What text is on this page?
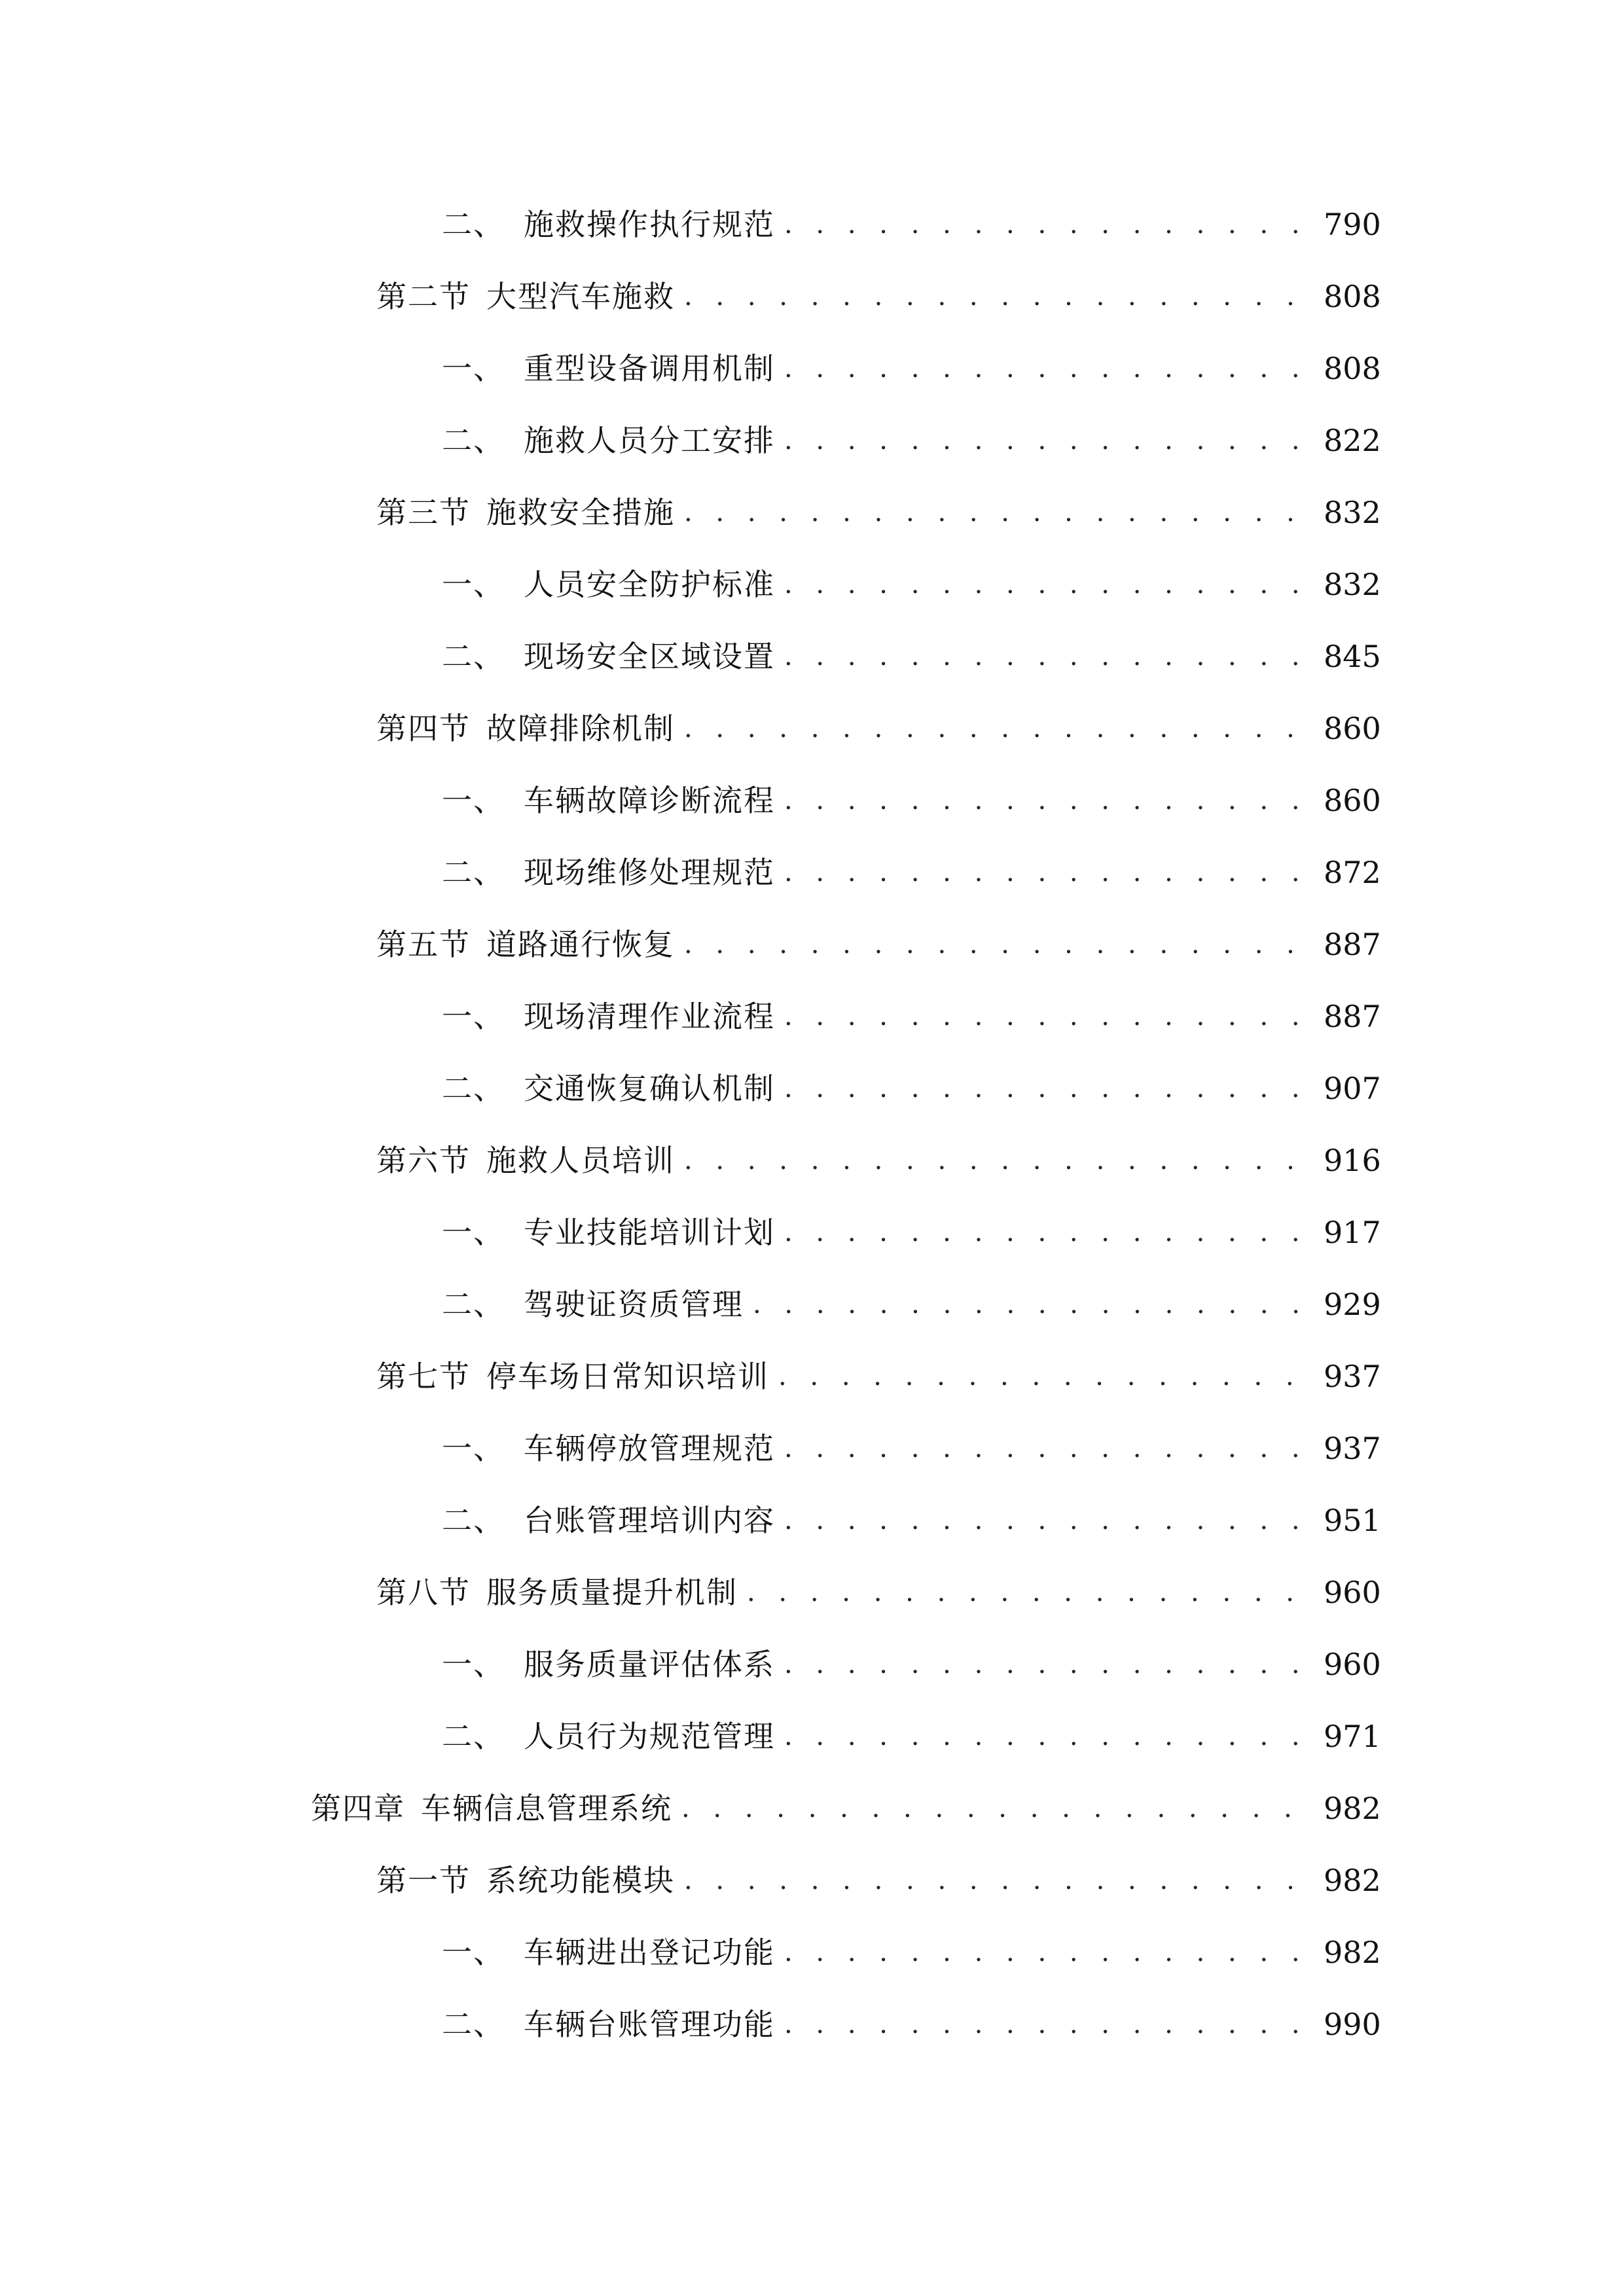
二、 施救操作执行规范 . . .	790
第二节 大型汽车施救 . . .	808
一、 重型设备调用机制 . . .	808
二、 施救人员分工安排 . . .	822
第三节 施救安全措施 . . .	832
一、 人员安全防护标准 . . .	832
二、 现场安全区域设置 . . .	845
第四节 故障排除机制 . . .	860
一、 车辆故障诊断流程 . . .	860
二、 现场维修处理规范 . . .	872
第五节 道路通行恢复 . . .	887
一、 现场清理作业流程 . . .	887
二、 交通恢复确认机制 . . .	907
第六节 施救人员培训 . . .	916
一、 专业技能培训计划 . . .	917
二、 驾驶证资质管理 . . .	929
第七节 停车场日常知识培训 . . .	937
一、 车辆停放管理规范 . . .	937
二、 台账管理培训内容 . . .	951
第八节 服务质量提升机制 . . .	960
一、 服务质量评估体系 . . .	960
二、 人员行为规范管理 . . .	971
第四章 车辆信息管理系统 . . .	982
第一节 系统功能模块 . . .	982
一、 车辆进出登记功能 . . .	982
二、 车辆台账管理功能 . . .	990
